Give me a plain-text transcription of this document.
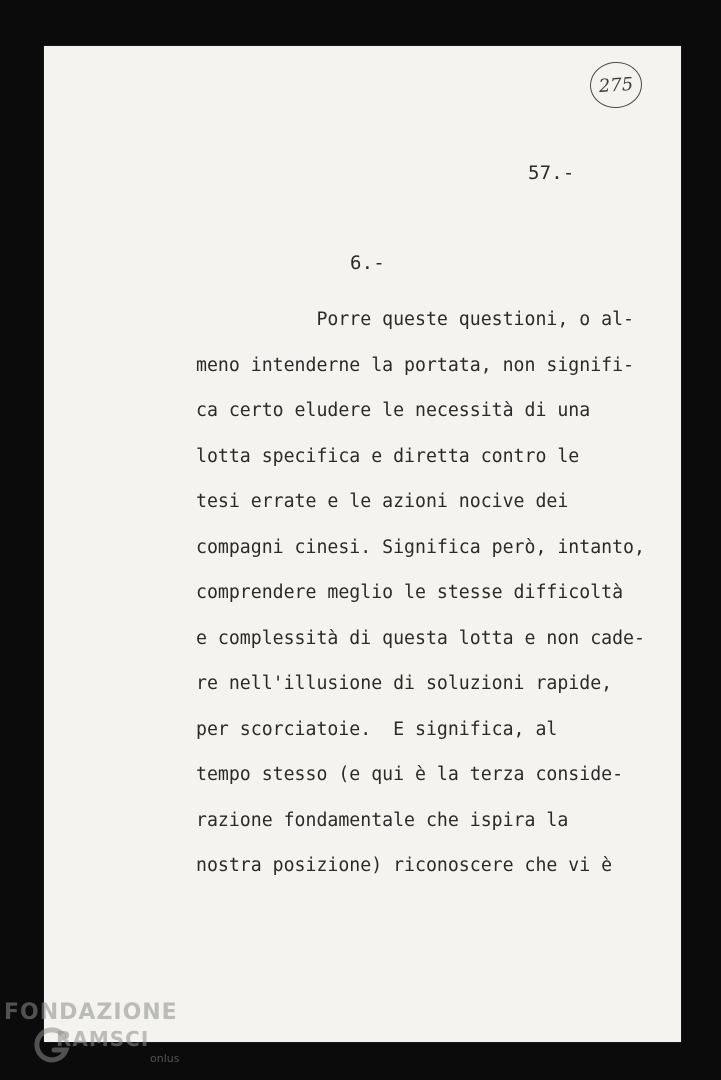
275
57.-
6.-
Porre queste questioni, o al-
meno intenderne la portata, non signifi-
ca certo eludere le necessità di una
lotta specifica e diretta contro le
tesi errate e le azioni nocive dei
compagni cinesi. Significa però, intanto,
comprendere meglio le stesse difficoltà
e complessità di questa lotta e non cade-
re nell'illusione di soluzioni rapide,
per scorciatoie.  E significa, al
tempo stesso (e qui è la terza conside-
razione fondamentale che ispira la
nostra posizione) riconoscere che vi è
FONDAZIONE
RAMSCI
onlus
